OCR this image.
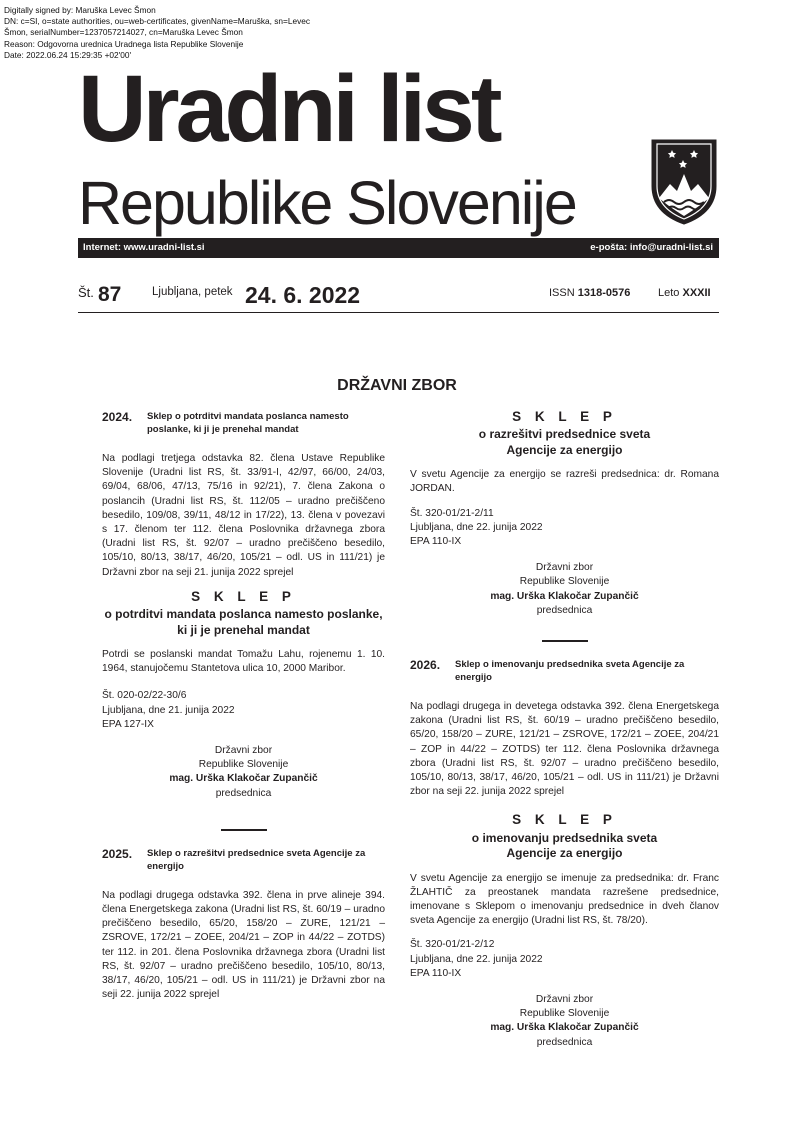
Digitally signed by: Maruška Levec Šmon
DN: c=SI, o=state authorities, ou=web-certificates, givenName=Maruška, sn=Levec
Šmon, serialNumber=1237057214027, cn=Maruška Levec Šmon
Reason: Odgovorna urednica Uradnega lista Republike Slovenije
Date: 2022.06.24 15:29:35 +02'00'
Uradni list
Republike Slovenije
Internet: www.uradni-list.si	e-pošta: info@uradni-list.si
Št. 87	Ljubljana, petek 24. 6. 2022	ISSN 1318-0576	Leto XXXII
DRŽAVNI ZBOR
2024. Sklep o potrditvi mandata poslanca namesto poslanke, ki ji je prenehal mandat

Na podlagi tretjega odstavka 82. člena Ustave Republike Slovenije (Uradni list RS, št. 33/91-I, 42/97, 66/00, 24/03, 69/04, 68/06, 47/13, 75/16 in 92/21), 7. člena Zakona o poslancih (Uradni list RS, št. 112/05 – uradno prečiščeno besedilo, 109/08, 39/11, 48/12 in 17/22), 13. člena v povezavi s 17. členom ter 112. člena Poslovnika državnega zbora (Uradni list RS, št. 92/07 – uradno prečiščeno besedilo, 105/10, 80/13, 38/17, 46/20, 105/21 – odl. US in 111/21) je Državni zbor na seji 21. junija 2022 sprejel

S K L E P
o potrditvi mandata poslanca namesto poslanke,
ki ji je prenehal mandat

Potrdi se poslanski mandat Tomažu Lahu, rojenemu 1. 10. 1964, stanujočemu Stantetova ulica 10, 2000 Maribor.

Št. 020-02/22-30/6
Ljubljana, dne 21. junija 2022
EPA 127-IX
Državni zbor
Republike Slovenije
mag. Urška Klakočar Zupančič
predsednica
2025. Sklep o razrešitvi predsednice sveta Agencije za energijo

Na podlagi drugega odstavka 392. člena in prve alineje 394. člena Energetskega zakona (Uradni list RS, št. 60/19 – uradno prečiščeno besedilo, 65/20, 158/20 – ZURE, 121/21 – ZSROVE, 172/21 – ZOEE, 204/21 – ZOP in 44/22 – ZOTDS) ter 112. in 201. člena Poslovnika državnega zbora (Uradni list RS, št. 92/07 – uradno prečiščeno besedilo, 105/10, 80/13, 38/17, 46/20, 105/21 – odl. US in 111/21) je Državni zbor na seji 22. junija 2022 sprejel

S K L E P
o razrešitvi predsednice sveta
Agencije za energijo

V svetu Agencije za energijo se razreši predsednica: dr. Romana JORDAN.

Št. 320-01/21-2/11
Ljubljana, dne 22. junija 2022
EPA 110-IX
Državni zbor
Republike Slovenije
mag. Urška Klakočar Zupančič
predsednica
2026. Sklep o imenovanju predsednika sveta Agencije za energijo

Na podlagi drugega in devetega odstavka 392. člena Energetskega zakona (Uradni list RS, št. 60/19 – uradno prečiščeno besedilo, 65/20, 158/20 – ZURE, 121/21 – ZSROVE, 172/21 – ZOEE, 204/21 – ZOP in 44/22 – ZOTDS) ter 112. člena Poslovnika državnega zbora (Uradni list RS, št. 92/07 – uradno prečiščeno besedilo, 105/10, 80/13, 38/17, 46/20, 105/21 – odl. US in 111/21) je Državni zbor na seji 22. junija 2022 sprejel

S K L E P
o imenovanju predsednika sveta
Agencije za energijo

V svetu Agencije za energijo se imenuje za predsednika: dr. Franc ŽLAHTIČ za preostanek mandata razrešene predsednice, imenovane s Sklepom o imenovanju predsednice in dveh članov sveta Agencije za energijo (Uradni list RS, št. 78/20).

Št. 320-01/21-2/12
Ljubljana, dne 22. junija 2022
EPA 110-IX
Državni zbor
Republike Slovenije
mag. Urška Klakočar Zupančič
predsednica
